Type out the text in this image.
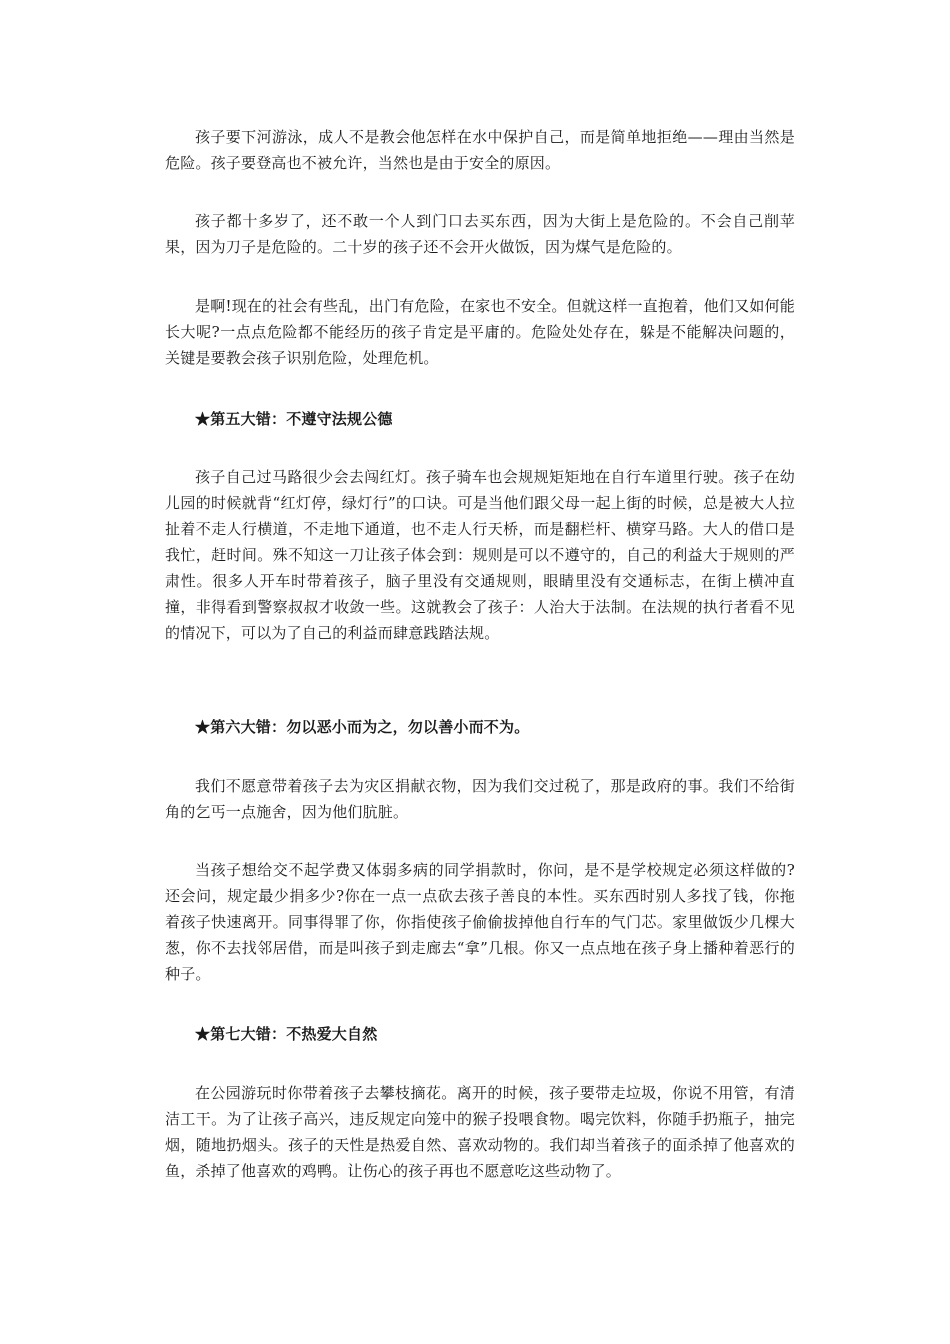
孩子要下河游泳，成人不是教会他怎样在水中保护自己，而是简单地拒绝——理由当然是危险。孩子要登高也不被允许，当然也是由于安全的原因。

孩子都十多岁了，还不敢一个人到门口去买东西，因为大街上是危险的。不会自己削苹果，因为刀子是危险的。二十岁的孩子还不会开火做饭，因为煤气是危险的。

是啊!现在的社会有些乱，出门有危险，在家也不安全。但就这样一直抱着，他们又如何能长大呢?一点点危险都不能经历的孩子肯定是平庸的。危险处处存在，躲是不能解决问题的，关键是要教会孩子识别危险，处理危机。

★第五大错：不遵守法规公德

孩子自己过马路很少会去闯红灯。孩子骑车也会规规矩矩地在自行车道里行驶。孩子在幼儿园的时候就背“红灯停，绿灯行”的口诀。可是当他们跟父母一起上街的时候，总是被大人拉扯着不走人行横道，不走地下通道，也不走人行天桥，而是翻栏杆、横穿马路。大人的借口是我忙，赶时间。殊不知这一刀让孩子体会到：规则是可以不遵守的，自己的利益大于规则的严肃性。很多人开车时带着孩子，脑子里没有交通规则，眼睛里没有交通标志，在街上横冲直撞，非得看到警察叔叔才收敛一些。这就教会了孩子：人治大于法制。在法规的执行者看不见的情况下，可以为了自己的利益而肆意践踏法规。

★第六大错：勿以恶小而为之，勿以善小而不为。

我们不愿意带着孩子去为灾区捐献衣物，因为我们交过税了，那是政府的事。我们不给街角的乞丐一点施舍，因为他们肮脏。

当孩子想给交不起学费又体弱多病的同学捐款时，你问，是不是学校规定必须这样做的?还会问，规定最少捐多少?你在一点一点砍去孩子善良的本性。买东西时别人多找了钱，你拖着孩子快速离开。同事得罪了你，你指使孩子偷偷拔掉他自行车的气门芯。家里做饭少几棵大葱，你不去找邻居借，而是叫孩子到走廊去“拿”几根。你又一点点地在孩子身上播种着恶行的种子。

★第七大错：不热爱大自然

在公园游玩时你带着孩子去攀枝摘花。离开的时候，孩子要带走垃圾，你说不用管，有清洁工干。为了让孩子高兴，违反规定向笼中的猴子投喂食物。喝完饮料，你随手扔瓶子，抽完烟，随地扔烟头。孩子的天性是热爱自然、喜欢动物的。我们却当着孩子的面杀掉了他喜欢的鱼，杀掉了他喜欢的鸡鸭。让伤心的孩子再也不愿意吃这些动物了。
